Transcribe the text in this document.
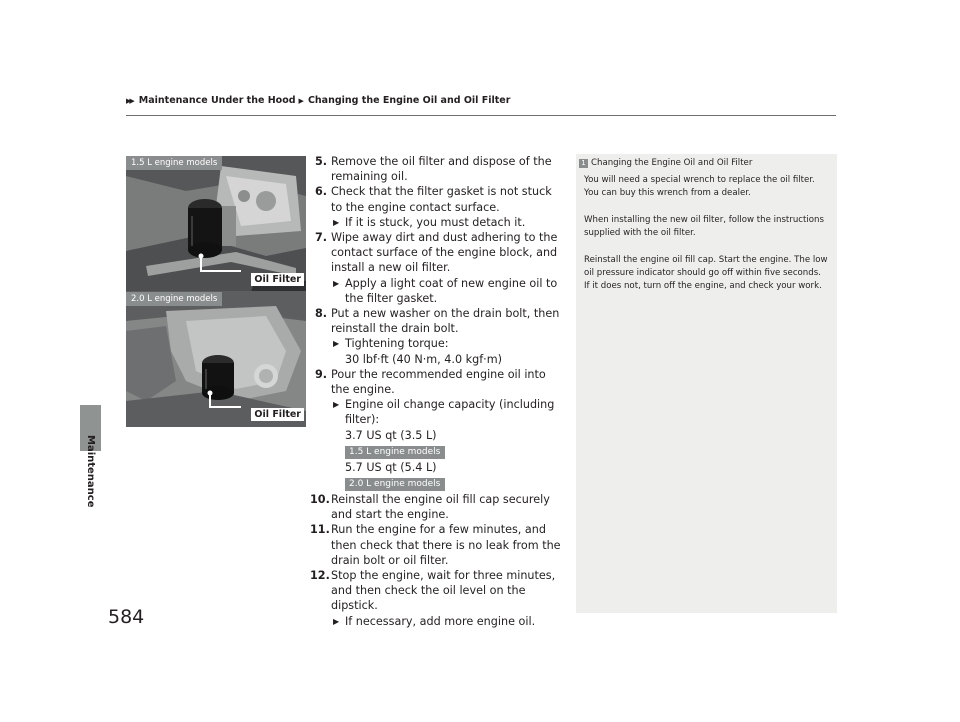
▶▶ Maintenance Under the Hood ▶ Changing the Engine Oil and Oil Filter
Maintenance
584
1.5 L engine models
Oil Filter
2.0 L engine models
Oil Filter
5. Remove the oil filter and dispose of the remaining oil.
6. Check that the filter gasket is not stuck to the engine contact surface.
▶ If it is stuck, you must detach it.
7. Wipe away dirt and dust adhering to the contact surface of the engine block, and install a new oil filter.
▶ Apply a light coat of new engine oil to the filter gasket.
8. Put a new washer on the drain bolt, then reinstall the drain bolt.
▶ Tightening torque:
30 lbf·ft (40 N·m, 4.0 kgf·m)
9. Pour the recommended engine oil into the engine.
▶ Engine oil change capacity (including filter):
3.7 US qt (3.5 L)
1.5 L engine models
5.7 US qt (5.4 L)
2.0 L engine models
10. Reinstall the engine oil fill cap securely and start the engine.
11. Run the engine for a few minutes, and then check that there is no leak from the drain bolt or oil filter.
12. Stop the engine, wait for three minutes, and then check the oil level on the dipstick.
▶ If necessary, add more engine oil.
1 Changing the Engine Oil and Oil Filter

You will need a special wrench to replace the oil filter. You can buy this wrench from a dealer.

When installing the new oil filter, follow the instructions supplied with the oil filter.

Reinstall the engine oil fill cap. Start the engine. The low oil pressure indicator should go off within five seconds. If it does not, turn off the engine, and check your work.
